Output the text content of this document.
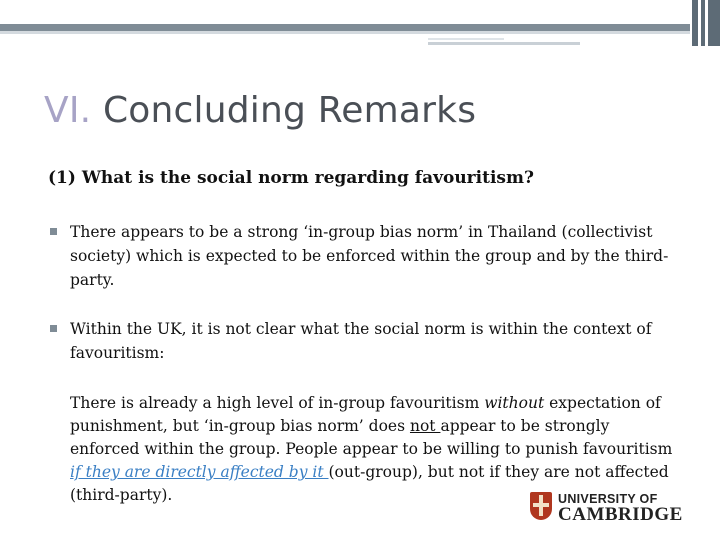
VI. Concluding Remarks
(1) What is the social norm regarding favouritism?
There appears to be a strong ‘in-group bias norm’ in Thailand (collectivist society) which is expected to be enforced within the group and by the third-party.
Within the UK, it is not clear what the social norm is within the context of favouritism:
There is already a high level of in-group favouritism without expectation of punishment, but ‘in-group bias norm’ does not appear to be strongly enforced within the group. People appear to be willing to punish favouritism if they are directly affected by it (out-group), but not if they are not affected (third-party).	UNIVERSITY OF
CAMBRIDGE
